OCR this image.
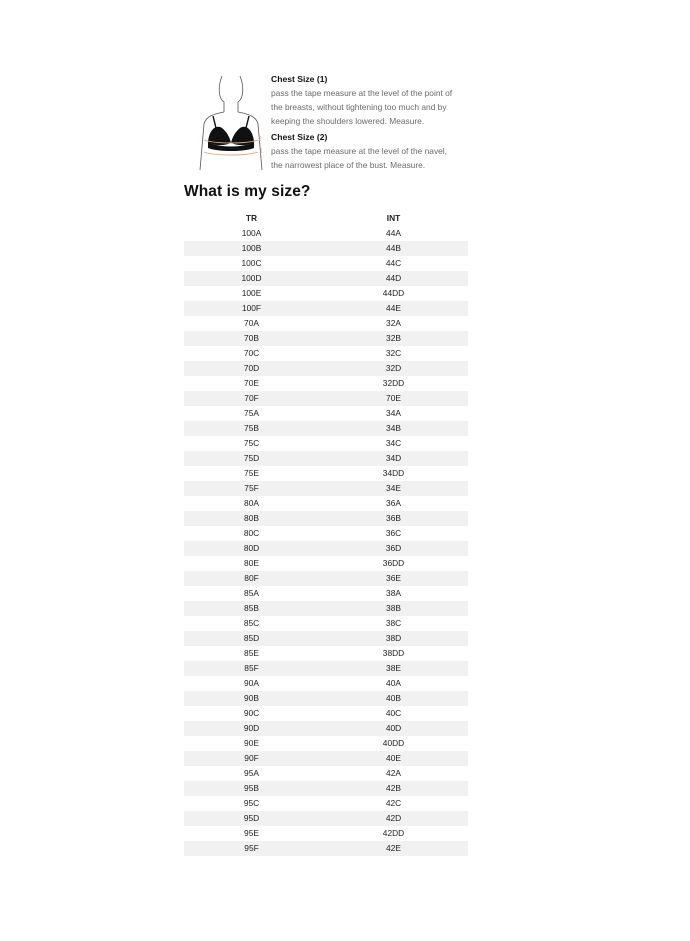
2
1
Chest Size (1)
pass the tape measure at the level of the point of
the breasts, without tightening too much and by
keeping the shoulders lowered. Measure.
Chest Size (2)
pass the tape measure at the level of the navel,
the narrowest place of the bust. Measure.
What is my size?
TR	INT
100A	44A
100B	44B
100C	44C
100D	44D
100E	44DD
100F	44E
70A	32A
70B	32B
70C	32C
70D	32D
70E	32DD
70F	70E
75A	34A
75B	34B
75C	34C
75D	34D
75E	34DD
75F	34E
80A	36A
80B	36B
80C	36C
80D	36D
80E	36DD
80F	36E
85A	38A
85B	38B
85C	38C
85D	38D
85E	38DD
85F	38E
90A	40A
90B	40B
90C	40C
90D	40D
90E	40DD
90F	40E
95A	42A
95B	42B
95C	42C
95D	42D
95E	42DD
95F	42E
